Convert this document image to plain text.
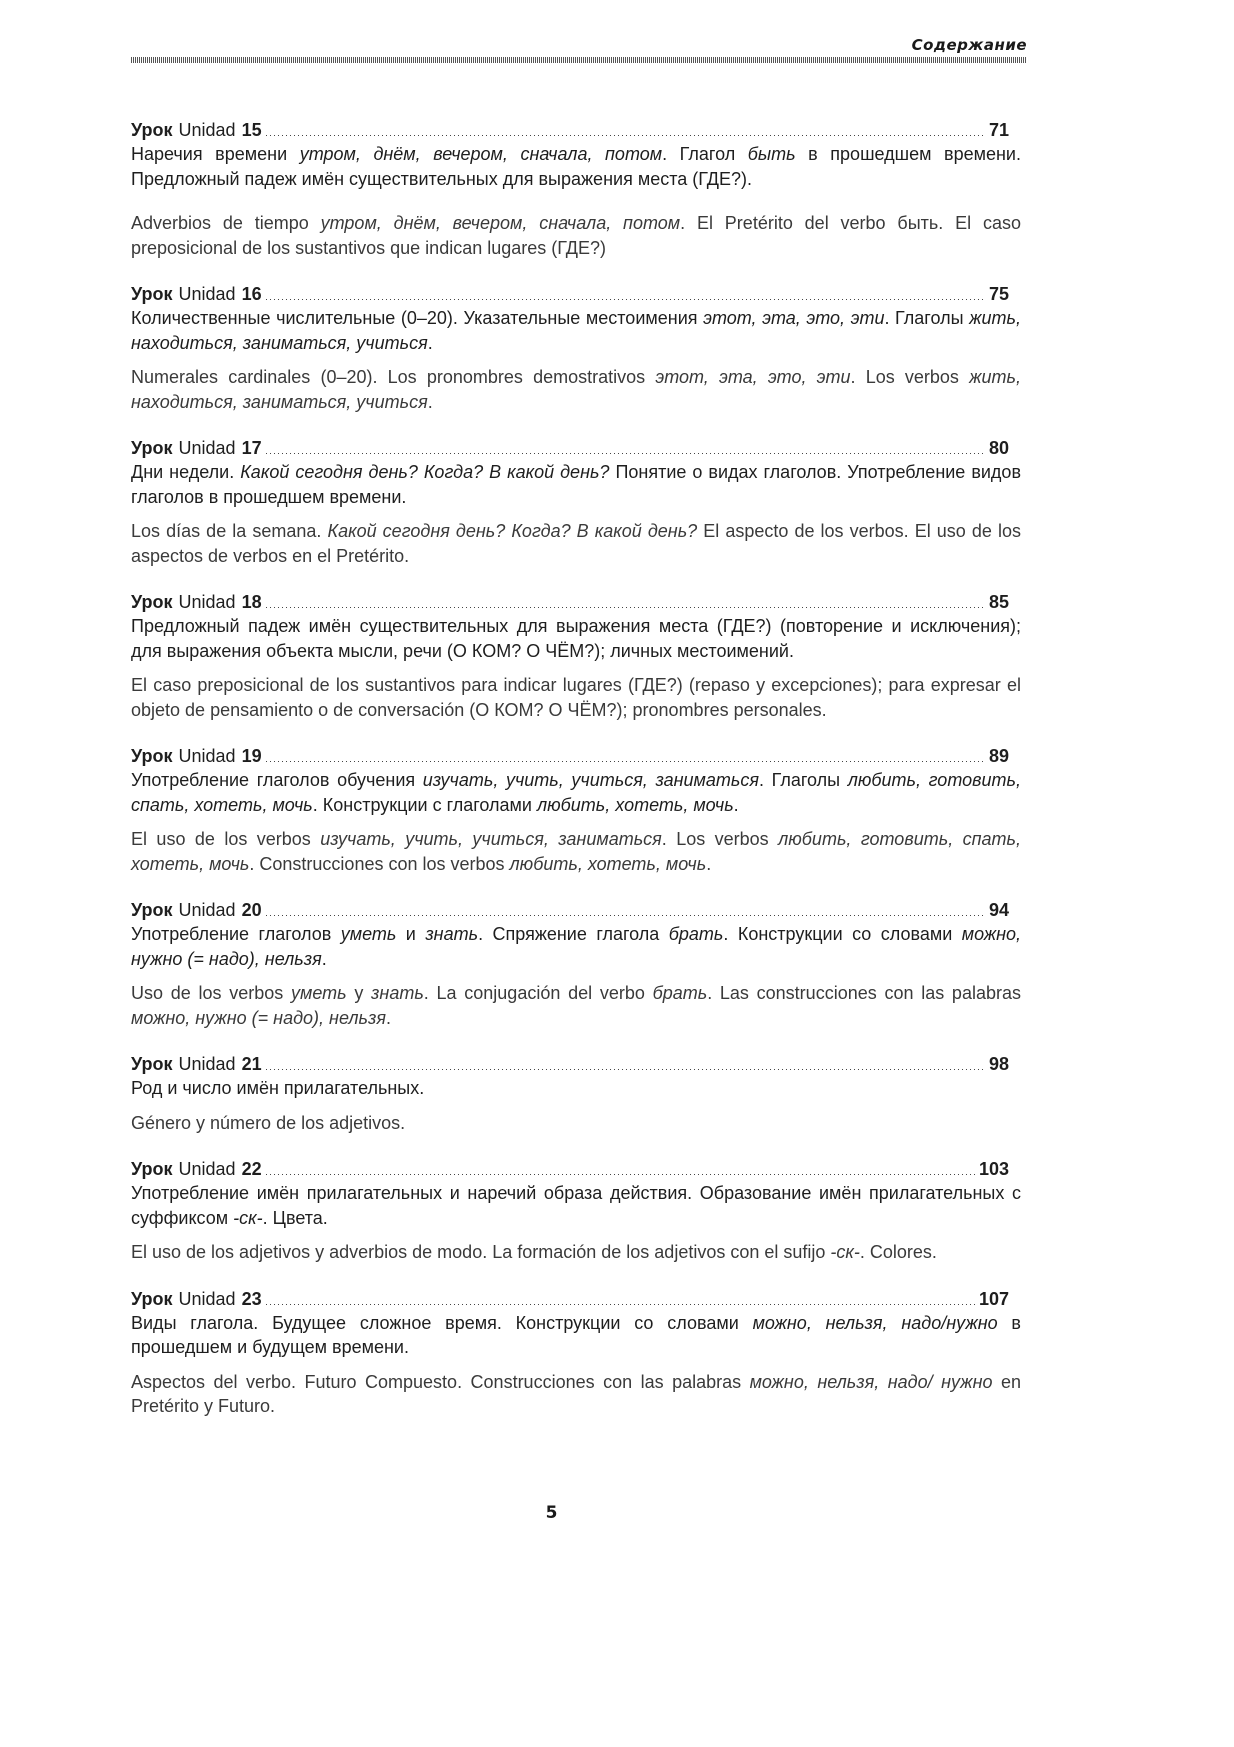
Содержание
Урок Unidad 15	71

Наречия времени утром, днём, вечером, сначала, потом. Глагол быть в прошедшем времени. Предложный падеж имён существительных для выражения места (ГДЕ?).

Adverbios de tiempo утром, днём, вечером, сначала, потом. El Pretérito del verbo быть. El caso preposicional de los sustantivos que indican lugares (ГДЕ?)

Урок Unidad 16	75

Количественные числительные (0–20). Указательные местоимения этот, эта, это, эти. Глаголы жить, находиться, заниматься, учиться.

Numerales cardinales (0–20). Los pronombres demostrativos этот, эта, это, эти. Los verbos жить, находиться, заниматься, учиться.

Урок Unidad 17	80

Дни недели. Какой сегодня день? Когда? В какой день? Понятие о видах глаголов. Употребление видов глаголов в прошедшем времени.

Los días de la semana. Какой сегодня день? Когда? В какой день? El aspecto de los verbos. El uso de los aspectos de verbos en el Pretérito.

Урок Unidad 18	85

Предложный падеж имён существительных для выражения места (ГДЕ?) (повторение и исключения); для выражения объекта мысли, речи (О КОМ? О ЧЁМ?); личных местоимений.

El caso preposicional de los sustantivos para indicar lugares (ГДЕ?) (repaso y excepciones); para expresar el objeto de pensamiento o de conversación (О КОМ? О ЧЁМ?); pronombres personales.

Урок Unidad 19	89

Употребление глаголов обучения изучать, учить, учиться, заниматься. Глаголы любить, готовить, спать, хотеть, мочь. Конструкции с глаголами любить, хотеть, мочь.

El uso de los verbos изучать, учить, учиться, заниматься. Los verbos любить, готовить, спать, хотеть, мочь. Construcciones con los verbos любить, хотеть, мочь.

Урок Unidad 20	94

Употребление глаголов уметь и знать. Спряжение глагола брать. Конструкции со словами можно, нужно (= надо), нельзя.

Uso de los verbos уметь y знать. La conjugación del verbo брать. Las construcciones con las palabras можно, нужно (= надо), нельзя.

Урок Unidad 21	98

Род и число имён прилагательных.

Género y número de los adjetivos.

Урок Unidad 22	103

Употребление имён прилагательных и наречий образа действия. Образование имён прилагательных с суффиксом -ск-. Цвета.

El uso de los adjetivos y adverbios de modo. La formación de los adjetivos con el sufijo -ск-. Colores.

Урок Unidad 23	107

Виды глагола. Будущее сложное время. Конструкции со словами можно, нельзя, надо/нужно в прошедшем и будущем времени.

Aspectos del verbo. Futuro Compuesto. Construcciones con las palabras можно, нельзя, надо/ нужно en Pretérito y Futuro.

5
